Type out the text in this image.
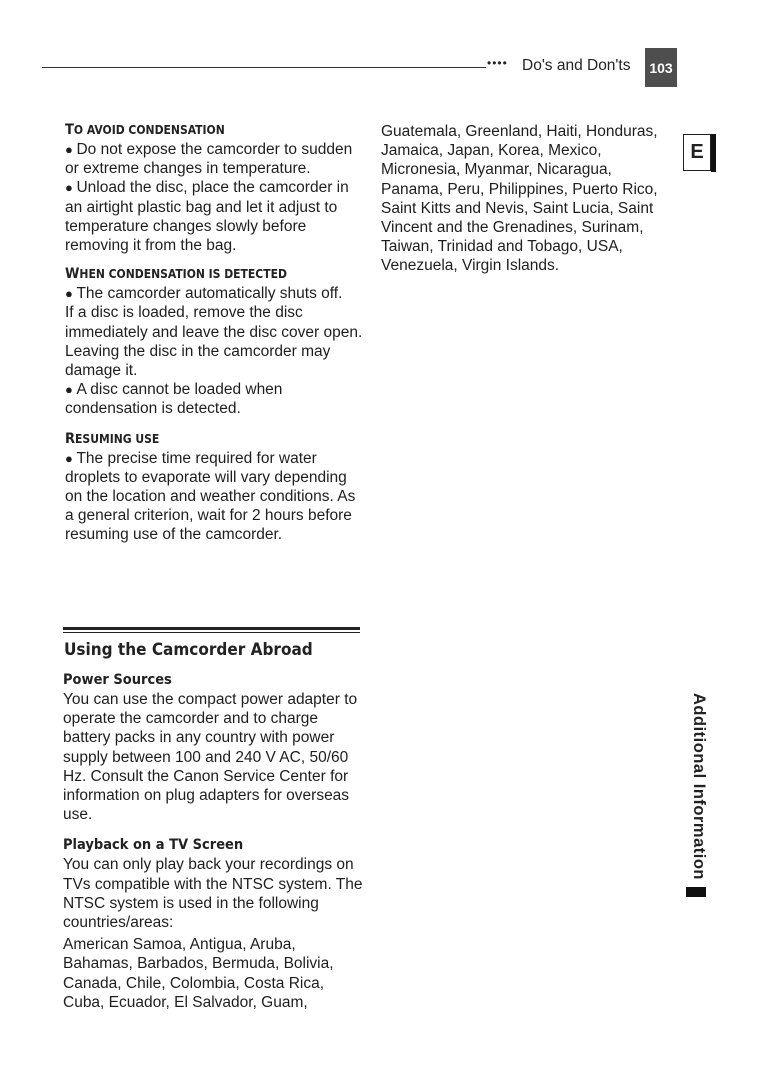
•••• Do's and Don'ts	103
E
Additional Information
TO AVOID CONDENSATION

● Do not expose the camcorder to sudden or extreme changes in temperature.

● Unload the disc, place the camcorder in an airtight plastic bag and let it adjust to temperature changes slowly before removing it from the bag.

WHEN CONDENSATION IS DETECTED

● The camcorder automatically shuts off.

If a disc is loaded, remove the disc immediately and leave the disc cover open. Leaving the disc in the camcorder may damage it.

● A disc cannot be loaded when condensation is detected.

RESUMING USE

● The precise time required for water droplets to evaporate will vary depending on the location and weather conditions. As a general criterion, wait for 2 hours before resuming use of the camcorder.

Using the Camcorder Abroad
Power Sources

You can use the compact power adapter to operate the camcorder and to charge battery packs in any country with power supply between 100 and 240 V AC, 50/60 Hz. Consult the Canon Service Center for information on plug adapters for overseas use.

Playback on a TV Screen

You can only play back your recordings on TVs compatible with the NTSC system. The NTSC system is used in the following countries/areas:

American Samoa, Antigua, Aruba, Bahamas, Barbados, Bermuda, Bolivia, Canada, Chile, Colombia, Costa Rica, Cuba, Ecuador, El Salvador, Guam,

Guatemala, Greenland, Haiti, Honduras, Jamaica, Japan, Korea, Mexico, Micronesia, Myanmar, Nicaragua, Panama, Peru, Philippines, Puerto Rico, Saint Kitts and Nevis, Saint Lucia, Saint Vincent and the Grenadines, Surinam, Taiwan, Trinidad and Tobago, USA, Venezuela, Virgin Islands.
